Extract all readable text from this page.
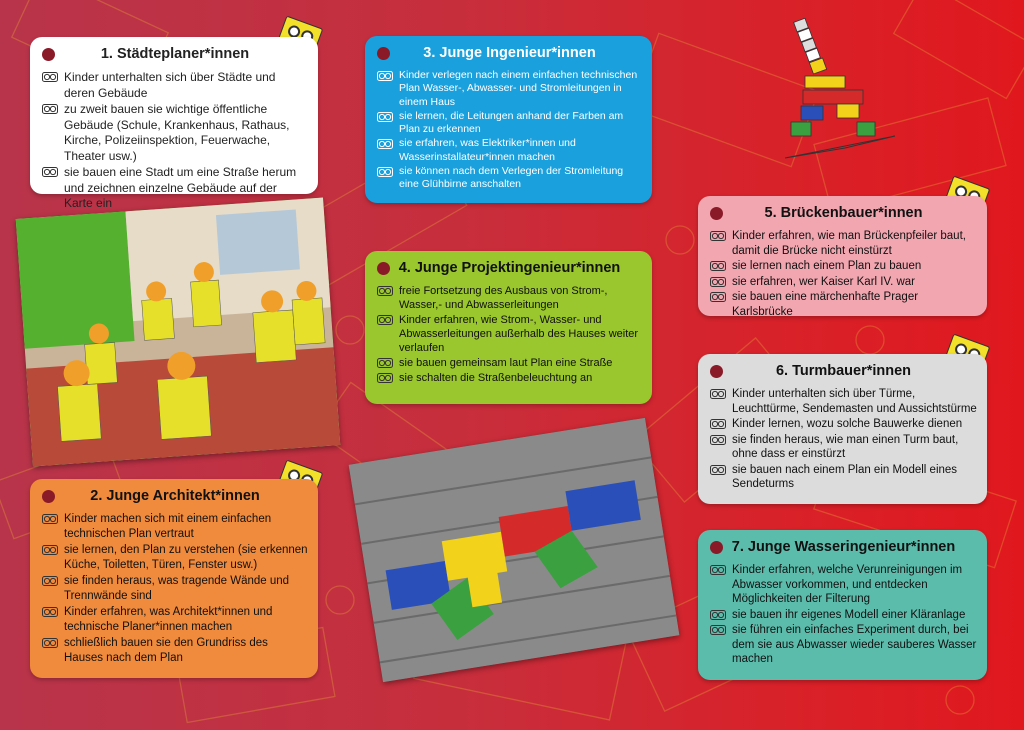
1. Städteplaner*innen
Kinder unterhalten sich über Städte und deren Gebäude
zu zweit bauen sie wichtige öffentliche Gebäude (Schule, Krankenhaus, Rathaus, Kirche, Polizeiinspektion, Feuerwache, Theater usw.)
sie bauen eine Stadt um eine Straße herum und zeichnen einzelne Gebäude auf der Karte ein
3. Junge Ingenieur*innen
Kinder verlegen nach einem einfachen technischen Plan Wasser-, Abwasser- und Stromleitungen in einem Haus
sie lernen, die Leitungen anhand der Farben am Plan zu erkennen
sie erfahren, was Elektriker*innen und Wasserinstallateur*innen machen
sie können nach dem Verlegen der Stromleitung eine Glühbirne anschalten
4. Junge Projektingenieur*innen
freie Fortsetzung des Ausbaus von Strom-, Wasser,- und Abwasserleitungen
Kinder erfahren, wie Strom-, Wasser- und Abwasserleitungen außerhalb des Hauses weiter verlaufen
sie bauen gemeinsam laut Plan eine Straße
sie schalten die Straßenbeleuchtung an
2. Junge Architekt*innen
Kinder machen sich mit einem einfachen technischen Plan vertraut
sie lernen, den Plan zu verstehen (sie erkennen Küche, Toiletten, Türen, Fenster usw.)
sie finden heraus, was tragende Wände und Trennwände sind
Kinder erfahren, was Architekt*innen und technische Planer*innen machen
schließlich bauen sie den Grundriss des Hauses nach dem Plan
5. Brückenbauer*innen
Kinder erfahren, wie man Brückenpfeiler baut, damit die Brücke nicht einstürzt
sie lernen nach einem Plan zu bauen
sie erfahren, wer Kaiser Karl IV. war
sie bauen eine märchenhafte Prager Karlsbrücke
6. Turmbauer*innen
Kinder unterhalten sich über Türme, Leuchttürme, Sendemasten und Aussichtstürme
Kinder lernen, wozu solche Bauwerke dienen
sie finden heraus, wie man einen Turm baut, ohne dass er einstürzt
sie bauen nach einem Plan ein Modell eines Sendeturms
7. Junge Wasseringenieur*innen
Kinder erfahren, welche Verunreinigungen im Abwasser vorkommen, und entdecken Möglichkeiten der Filterung
sie bauen ihr eigenes Modell einer Kläranlage
sie führen ein einfaches Experiment durch, bei dem sie aus Abwasser wieder sauberes Wasser machen
